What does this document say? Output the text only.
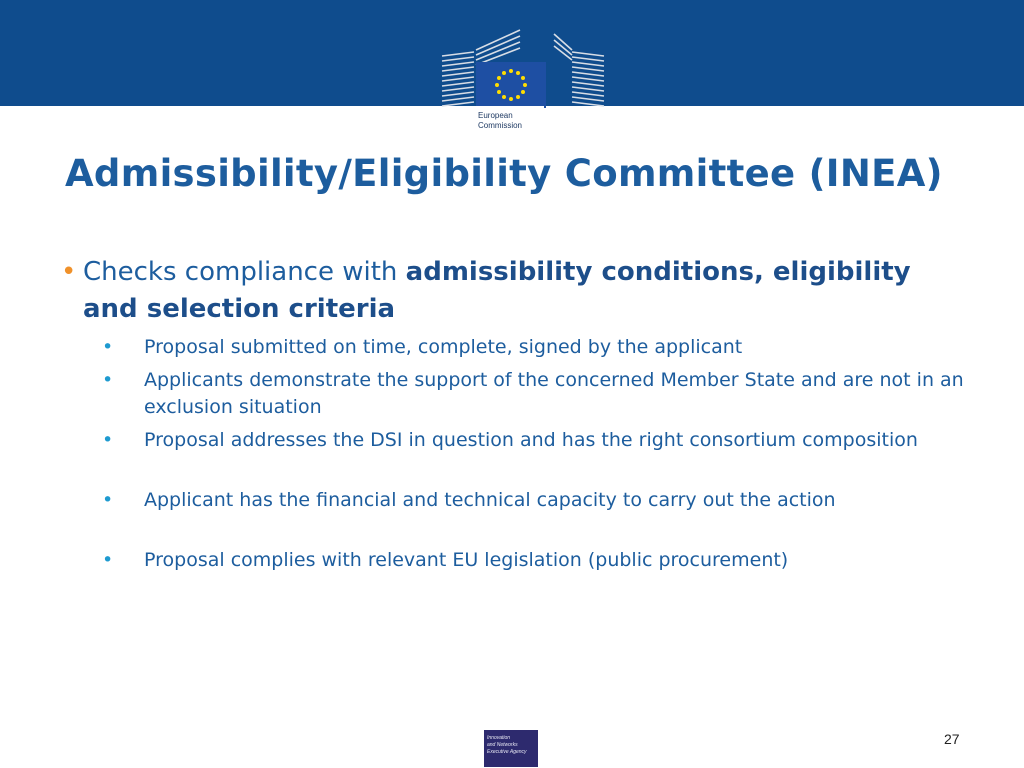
European
Commission
Admissibility/Eligibility Committee (INEA)
• Checks compliance with admissibility conditions, eligibility and selection criteria
• Proposal submitted on time, complete, signed by the applicant
• Applicants demonstrate the support of the concerned Member State and are not in an exclusion situation
• Proposal addresses the DSI in question and has the right consortium composition
• Applicant has the financial and technical capacity to carry out the action
• Proposal complies with relevant EU legislation (public procurement)
Innovation
and Networks
Executive Agency
27
